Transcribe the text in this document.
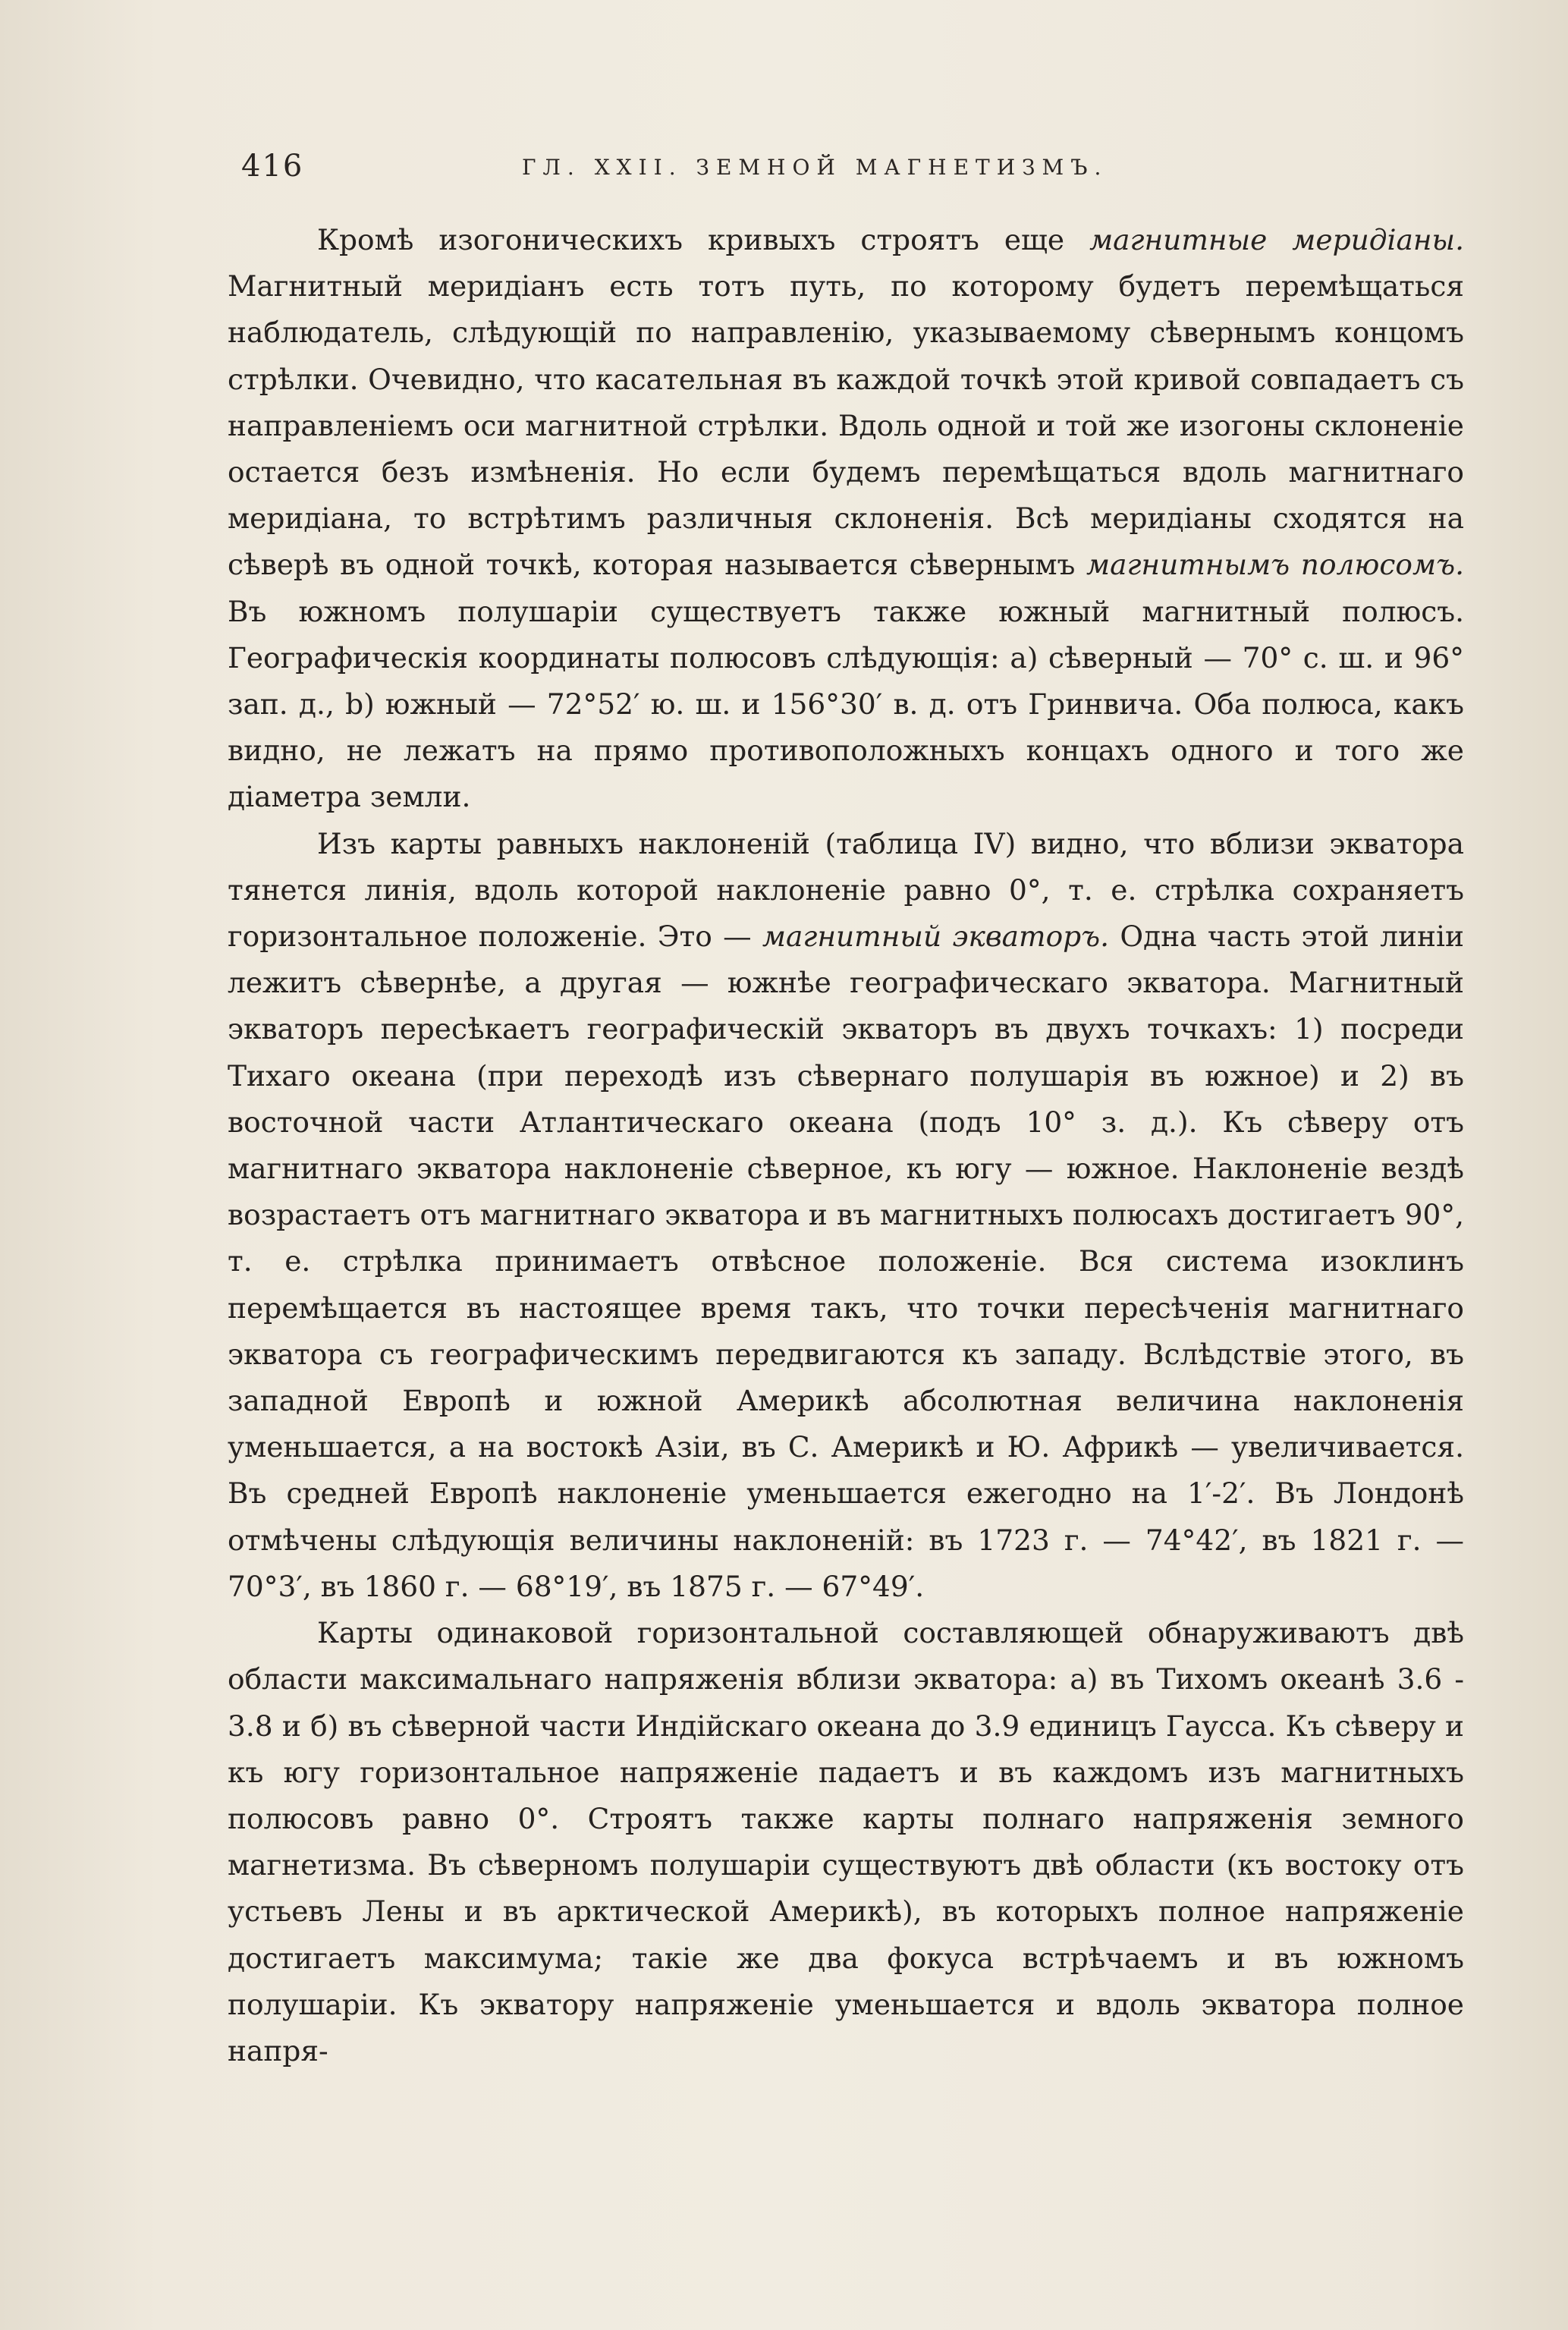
416	ГЛ. XXII. ЗЕМНОЙ МАГНЕТИЗМЪ.

Кромѣ изогоническихъ кривыхъ строятъ еще магнитные меридіаны. Магнитный меридіанъ есть тотъ путь, по которому будетъ перемѣщаться наблюдатель, слѣдующій по направленію, указываемому сѣвернымъ концомъ стрѣлки. Очевидно, что касательная въ каждой точкѣ этой кривой совпадаетъ съ направленіемъ оси магнитной стрѣлки. Вдоль одной и той же изогоны склоненіе остается безъ измѣненія. Но если будемъ перемѣщаться вдоль магнитнаго меридіана, то встрѣтимъ различныя склоненія. Всѣ меридіаны сходятся на сѣверѣ въ одной точкѣ, которая называется сѣвернымъ магнитнымъ полюсомъ. Въ южномъ полушаріи существуетъ также южный магнитный полюсъ. Географическія координаты полюсовъ слѣдующія: а) сѣверный — 70° с. ш. и 96° зап. д., b) южный — 72°52′ ю. ш. и 156°30′ в. д. отъ Гринвича. Оба полюса, какъ видно, не лежатъ на прямо противоположныхъ концахъ одного и того же діаметра земли.

Изъ карты равныхъ наклоненій (таблица IV) видно, что вблизи экватора тянется линія, вдоль которой наклоненіе равно 0°, т. е. стрѣлка сохраняетъ горизонтальное положеніе. Это — магнитный экваторъ. Одна часть этой линіи лежитъ сѣвернѣе, а другая — южнѣе географическаго экватора. Магнитный экваторъ пересѣкаетъ географическій экваторъ въ двухъ точкахъ: 1) посреди Тихаго океана (при переходѣ изъ сѣвернаго полушарія въ южное) и 2) въ восточной части Атлантическаго океана (подъ 10° з. д.). Къ сѣверу отъ магнитнаго экватора наклоненіе сѣверное, къ югу — южное. Наклоненіе вездѣ возрастаетъ отъ магнитнаго экватора и въ магнитныхъ полюсахъ достигаетъ 90°, т. е. стрѣлка принимаетъ отвѣсное положеніе. Вся система изоклинъ перемѣщается въ настоящее время такъ, что точки пересѣченія магнитнаго экватора съ географическимъ передвигаются къ западу. Вслѣдствіе этого, въ западной Европѣ и южной Америкѣ абсолютная величина наклоненія уменьшается, а на востокѣ Азіи, въ С. Америкѣ и Ю. Африкѣ — увеличивается. Въ средней Европѣ наклоненіе уменьшается ежегодно на 1′-2′. Въ Лондонѣ отмѣчены слѣдующія величины наклоненій: въ 1723 г. — 74°42′, въ 1821 г. — 70°3′, въ 1860 г. — 68°19′, въ 1875 г. — 67°49′.

Карты одинаковой горизонтальной составляющей обнаруживаютъ двѣ области максимальнаго напряженія вблизи экватора: а) въ Тихомъ океанѣ 3.6 - 3.8 и б) въ сѣверной части Индійскаго океана до 3.9 единицъ Гаусса. Къ сѣверу и къ югу горизонтальное напряженіе падаетъ и въ каждомъ изъ магнитныхъ полюсовъ равно 0°. Строятъ также карты полнаго напряженія земного магнетизма. Въ сѣверномъ полушаріи существуютъ двѣ области (къ востоку отъ устьевъ Лены и въ арктической Америкѣ), въ которыхъ полное напряженіе достигаетъ максимума; такіе же два фокуса встрѣчаемъ и въ южномъ полушаріи. Къ экватору напряженіе уменьшается и вдоль экватора полное напря-
